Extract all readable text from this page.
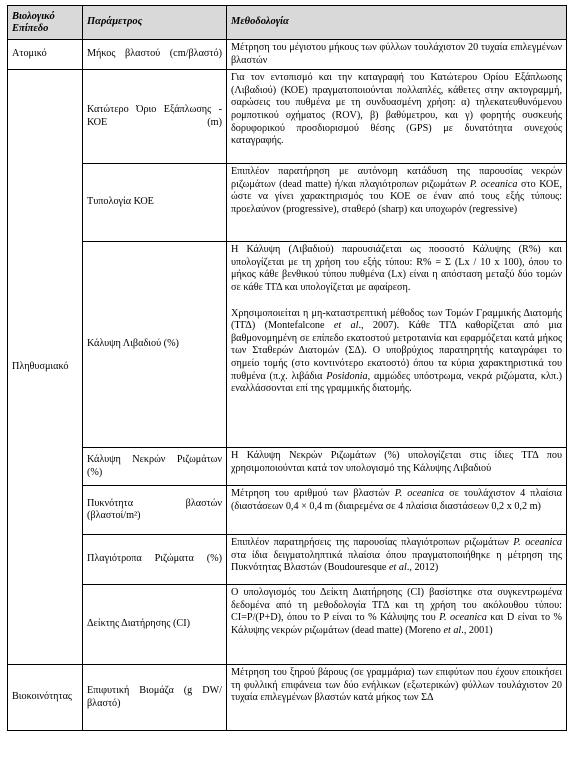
Βιολογικό Επίπεδο	Παράμετρος	Μεθοδολογία
Ατομικό	Μήκος βλαστού (cm/βλαστό)	Μέτρηση του μέγιστου μήκους των φύλλων τουλάχιστον 20 τυχαία επιλεγμένων βλαστών
Πληθυσμιακό	Κατώτερο Όριο Εξάπλωσης - ΚΟΕ (m)	Για τον εντοπισμό και την καταγραφή του Κατώτερου Ορίου Εξάπλωσης (Λιβαδιού) (ΚΟΕ) πραγματοποιούνται πολλαπλές, κάθετες στην ακτογραμμή, σαρώσεις του πυθμένα με τη συνδυασμένη χρήση: α) τηλεκατευθυνόμενου ρομποτικού οχήματος (ROV), β) βαθύμετρου, και γ) φορητής συσκευής δορυφορικού προσδιορισμού θέσης (GPS) με δυνατότητα συνεχούς καταγραφής.
	Τυπολογία ΚΟΕ	Επιπλέον παρατήρηση με αυτόνομη κατάδυση της παρουσίας νεκρών ριζωμάτων (dead matte) ή/και πλαγιότροπων ριζωμάτων P. oceanica στο ΚΟΕ, ώστε να γίνει χαρακτηρισμός του ΚΟΕ σε έναν από τους εξής τύπους: προελαύνον (progressive), σταθερό (sharp) και υποχωρόν (regressive)
	Κάλυψη Λιβαδιού (%)	Η Κάλυψη (Λιβαδιού) παρουσιάζεται ως ποσοστό Κάλυψης (R%) και υπολογίζεται με τη χρήση του εξής τύπου: R% = Σ (Lx / 10 x 100), όπου το μήκος κάθε βενθικού τύπου πυθμένα (Lx) είναι η απόσταση μεταξύ δύο τομών σε κάθε ΤΓΔ και υπολογίζεται με αφαίρεση.

Χρησιμοποιείται η μη-καταστρεπτική μέθοδος των Τομών Γραμμικής Διατομής (ΤΓΔ) (Montefalcone et al., 2007). Κάθε ΤΓΔ καθορίζεται από μια βαθμονομημένη σε επίπεδο εκατοστού μετροταινία και εφαρμόζεται κατά μήκος των Σταθερών Διατομών (ΣΔ). Ο υποβρύχιος παρατηρητής καταγράφει το σημείο τομής (στο κοντινότερο εκατοστό) όπου τα κύρια χαρακτηριστικά του πυθμένα (π.χ. λιβάδια Posidonia, αμμώδες υπόστρωμα, νεκρά ριζώματα, κλπ.) εναλλάσσονται επί της γραμμικής διατομής.

	Κάλυψη Νεκρών Ριζωμάτων (%)	Η Κάλυψη Νεκρών Ριζωμάτων (%) υπολογίζεται στις ίδιες ΤΓΔ που χρησιμοποιούνται κατά τον υπολογισμό της Κάλυψης Λιβαδιού
	Πυκνότητα βλαστών (βλαστοί/m²)	Μέτρηση του αριθμού των βλαστών P. oceanica σε τουλάχιστον 4 πλαίσια (διαστάσεων 0,4 × 0,4 m (διαιρεμένα σε 4 πλαίσια διαστάσεων 0,2 x 0,2 m)
	Πλαγιότροπα Ριζώματα (%)	Επιπλέον παρατηρήσεις της παρουσίας πλαγιότροπων ριζωμάτων P. oceanica στα ίδια δειγματοληπτικά πλαίσια όπου πραγματοποιήθηκε η μέτρηση της Πυκνότητας Βλαστών (Boudouresque et al., 2012)
	Δείκτης Διατήρησης (CI)	Ο υπολογισμός του Δείκτη Διατήρησης (CI) βασίστηκε στα συγκεντρωμένα δεδομένα από τη μεθοδολογία ΤΓΔ και τη χρήση του ακόλουθου τύπου: CI=P/(P+D), όπου το P είναι το % Κάλυψης του P. oceanica και D είναι το % Κάλυψης νεκρών ριζωμάτων (dead matte) (Moreno et al., 2001)
Βιοκοινότητας	Επιφυτική Βιομάζα (g DW/βλαστό)	Μέτρηση του ξηρού βάρους (σε γραμμάρια) των επιφύτων που έχουν εποικήσει τη φυλλική επιφάνεια των δύο ενήλικων (εξωτερικών) φύλλων τουλάχιστον 20 τυχαία επιλεγμένων βλαστών κατά μήκος των ΣΔ
